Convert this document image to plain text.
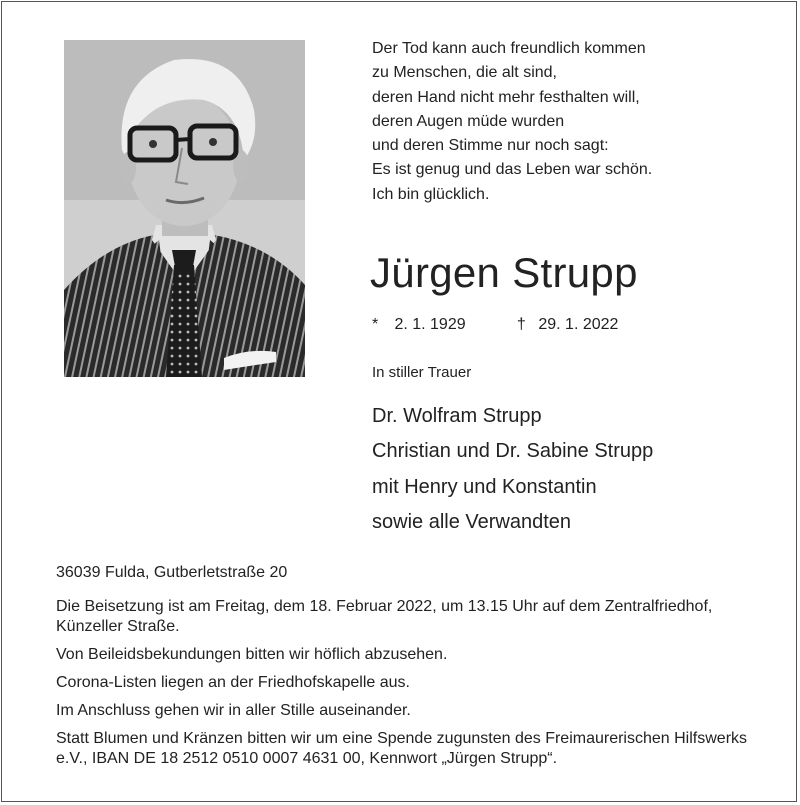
Der Tod kann auch freundlich kommen
zu Menschen, die alt sind,
deren Hand nicht mehr festhalten will,
deren Augen müde wurden
und deren Stimme nur noch sagt:
Es ist genug und das Leben war schön.
Ich bin glücklich.
Jürgen Strupp
* 2. 1. 1929	† 29. 1. 2022
In stiller Trauer
Dr. Wolfram Strupp
Christian und Dr. Sabine Strupp
mit Henry und Konstantin
sowie alle Verwandten
36039 Fulda, Gutberletstraße 20

Die Beisetzung ist am Freitag, dem 18. Februar 2022, um 13.15 Uhr auf dem Zentralfriedhof, Künzeller Straße.

Von Beileidsbekundungen bitten wir höflich abzusehen.

Corona-Listen liegen an der Friedhofskapelle aus.

Im Anschluss gehen wir in aller Stille auseinander.

Statt Blumen und Kränzen bitten wir um eine Spende zugunsten des Freimaurerischen Hilfswerks e.V., IBAN DE 18 2512 0510 0007 4631 00, Kennwort „Jürgen Strupp“.
